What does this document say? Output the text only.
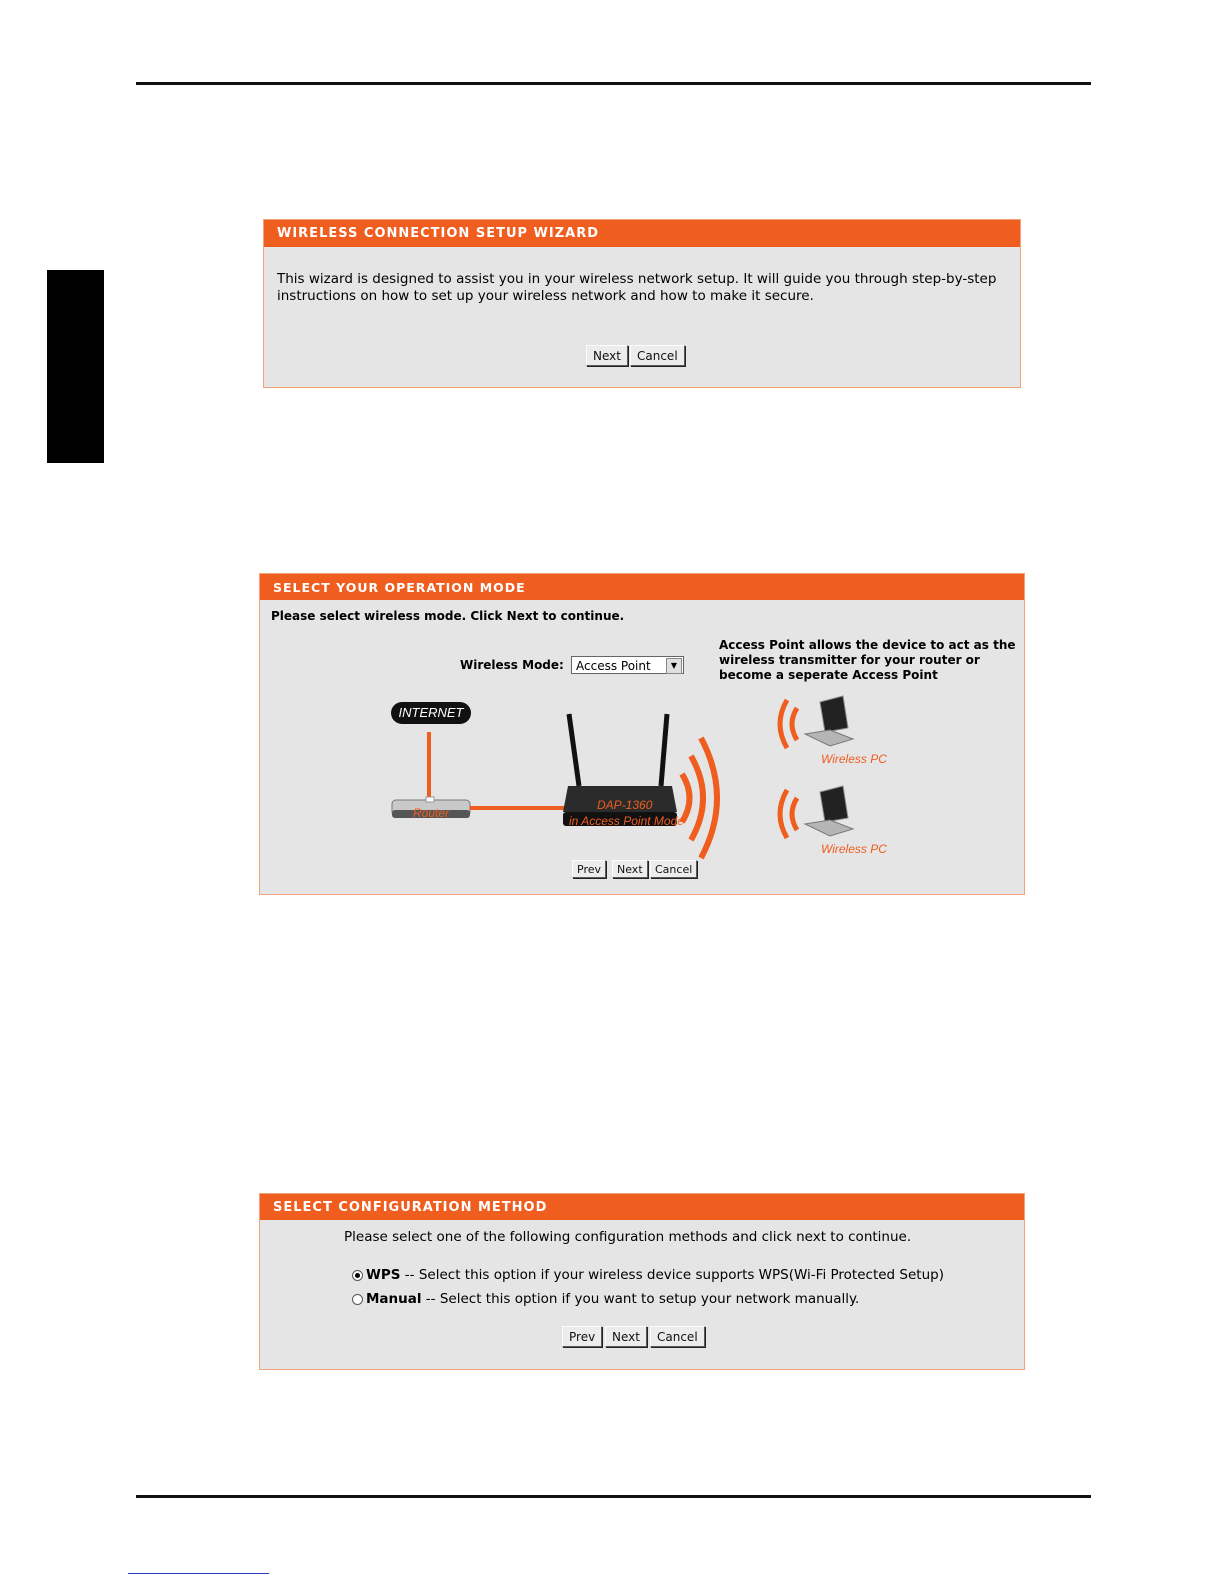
WIRELESS CONNECTION SETUP WIZARD
This wizard is designed to assist you in your wireless network setup. It will guide you through step-by-step instructions on how to set up your wireless network and how to make it secure.
Next	Cancel
SELECT YOUR OPERATION MODE
Please select wireless mode. Click Next to continue.
Wireless Mode:	Access Point	▼
Access Point allows the device to act as the wireless transmitter for your router or become a seperate Access Point
INTERNET
Router
DAP-1360
in Access Point Mode
Wireless PC
Wireless PC
Prev	Next	Cancel
SELECT CONFIGURATION METHOD
Please select one of the following configuration methods and click next to continue.
WPS -- Select this option if your wireless device supports WPS(Wi-Fi Protected Setup)
Manual -- Select this option if you want to setup your network manually.
Prev	Next	Cancel
